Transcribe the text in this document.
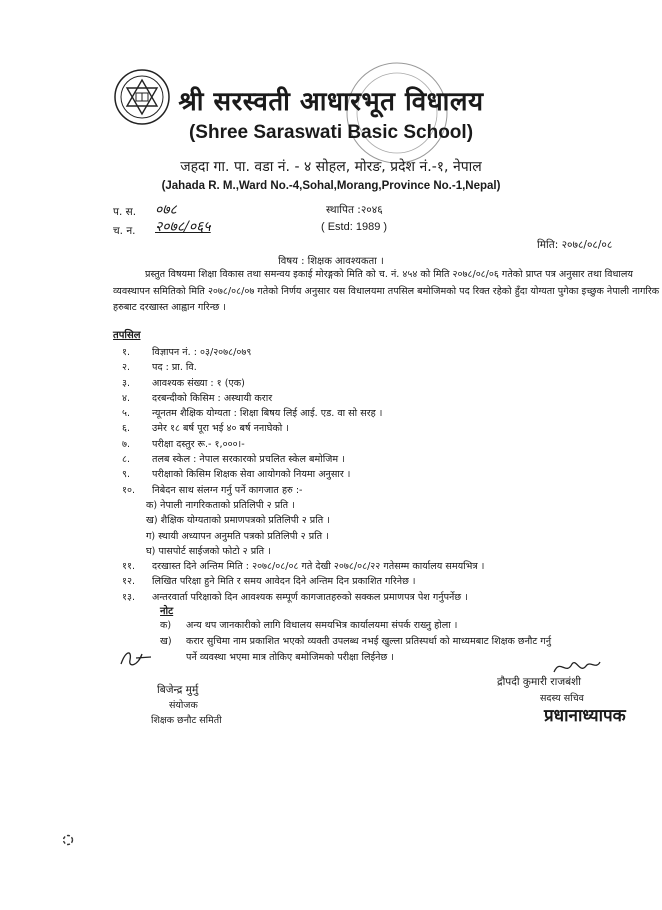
श्री सरस्वती आधारभूत विधालय
(Shree Saraswati Basic School)
जहदा गा. पा. वडा नं. - ४ सोहल, मोरङ, प्रदेश नं.-१, नेपाल
(Jahada R. M.,Ward No.-4,Sohal,Morang,Province No.-1,Nepal)
प. स. ०७८
च. न. २०७८/०६५
स्थापित :२०४६
( Estd: 1989 )
मिति: २०७८/०८/०८
विषय : शिक्षक आवश्यकता ।
प्रस्तुत विषयमा शिक्षा विकास तथा समन्वय इकाई मोरङ्गको मिति को च. नं. ४५४ को मिति २०७८/०८/०६ गतेको प्राप्त पत्र अनुसार तथा विधालय व्यवस्थापन समितिको मिति २०७८/०८/०७ गतेको निर्णय अनुसार यस विधालयमा तपसिल बमोजिमको पद रिक्त रहेको हुँदा योग्यता पुगेका इच्छुक नेपाली नागरिक हरुबाट दरखास्त आह्वान गरिन्छ ।
तपसिल
१.	विज्ञापन नं. : ०३/२०७८/०७९
२.	पद : प्रा. वि.
३.	आवश्यक संख्या : १ (एक)
४.	दरबन्दीको किसिम : अस्थायी करार
५.	न्यूनतम शैक्षिक योग्यता : शिक्षा बिषय लिई आई. एड. वा सो सरह ।
६.	उमेर १८ बर्ष पूरा भई ४० बर्ष ननाघेको ।
७.	परीक्षा दस्तुर रू.- १,०००।-
८.	तलब स्केल : नेपाल सरकारको प्रचलित स्केल बमोजिम ।
९.	परीक्षाको किसिम शिक्षक सेवा आयोगको नियमा अनुसार ।
१०.	निबेदन साथ संलग्न गर्नु पर्ने कागजात हरु :-
क) नेपाली नागरिकताको प्रतिलिपी २ प्रति ।
ख) शैक्षिक योग्यताको प्रमाणपत्रको प्रतिलिपी २ प्रति ।
ग) स्थायी अध्यापन अनुमति पत्रको प्रतिलिपी २ प्रति ।
घ) पासपोर्ट साईजको फोटो २ प्रति ।
११.	दरखास्त दिने अन्तिम मिति : २०७८/०८/०८ गते देखी २०७८/०८/२२ गतेसम्म कार्यालय समयभित्र ।
१२.	लिखित परिक्षा हुने मिति र समय आवेदन दिने अन्तिम दिन प्रकाशित गरिनेछ ।
१३.	अन्तरवार्ता परिक्षाको दिन आवश्यक सम्पूर्ण कागजातहरुको सक्कल प्रमाणपत्र पेश गर्नुपर्नेछ ।
नोट
क)	अन्य थप जानकारीको लागि विधालय समयभित्र कार्यालयमा संपर्क राख्नु होला ।
ख)	करार सुचिमा नाम प्रकाशित भएको व्यक्ती उपलब्ध नभई खुल्ला प्रतिस्पर्धा को माध्यमबाट शिक्षक छनौट गर्नु
पर्ने व्यवस्था भएमा मात्र तोकिए बमोजिमको परीक्षा लिईनेछ ।
बिजेन्द्र मुर्मु
संयोजक
शिक्षक छनौट समिती
द्रौपदी कुमारी राजबंशी
सदस्य सचिव
प्रधानाध्यापक
